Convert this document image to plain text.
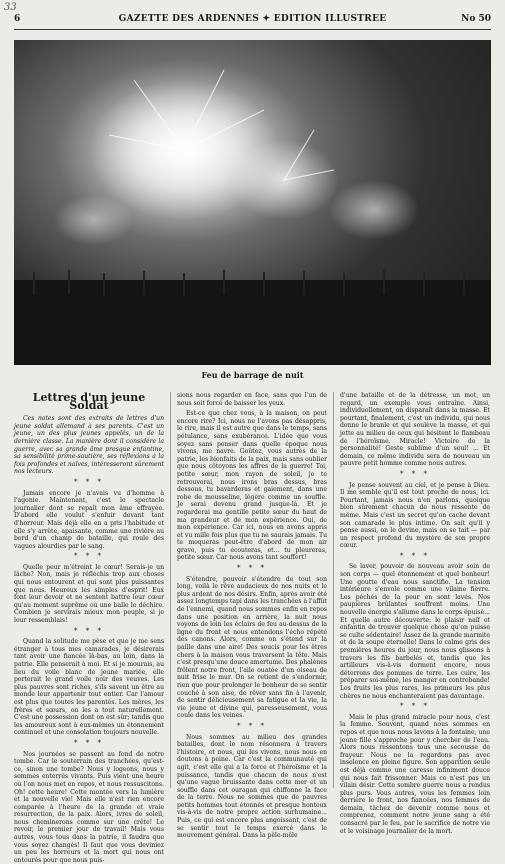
33
6	GAZETTE DES ARDENNES ✦ EDITION ILLUSTREE	No 50
Feu de barrage de nuit
Lettres d'un jeune Soldat

Ces notes sont des extraits de lettres d'un jeune soldat allemand à ses parents. C'est un jeune, un des plus jeunes appelés, un de la dernière classe. La manière dont il considère la guerre, avec sa grande âme presque enfantine, sa sensibilité prime-sautière, ses réflexions à la fois profondes et naïves, intéresseront sûrement nos lecteurs.

* * *

Jamais encore je n'avais vu d'homme à l'agonie. Maintenant, c'est le spectacle journalier dont se repaît mon âme effrayée. D'abord elle voulut s'enfuir devant tant d'horreur. Mais déjà elle en a pris l'habitude et elle s'y arrête, apaisante, comme une rivière au bord d'un champ de bataille, qui roule des vagues alourdies par le sang.

* * *

Quelle peur m'étreint le cœur! Serais-je un lâche? Non, mais je réfléchis trop aux choses qui nous entourent et qui sont plus puissantes que nous. Heureux les simples d'esprit! Eux font leur devoir et ne sentent battre leur cœur qu'au moment suprême où une balle le déchire. Combien je servirais mieux mon peuple, si je leur ressemblais!

* * *

Quand la solitude me pèse et que je me sens étranger à tous mes camarades, je désirerais tant avoir une fiancée là-bas, au loin, dans la patrie. Elle penserait à moi. Et si je mourais, au lieu du voile blanc de jeune mariée, elle porterait le grand voile noir des veuves. Les plus pauvres sont riches, s'ils savent un être au monde leur appartenir tout entier. Car l'amour est plus que toutes les parentés. Les mères, les frères et sœurs, on les a tout naturellement. C'est une possession dont on est sûr; tandis que les amoureux sont à eux-mêmes un étonnement continuel et une consolation toujours nouvelle.

* * *

Nos journées se passent au fond de notre tombe. Car le souterrain des tranchées, qu'est-ce, sinon une tombe? Nous y logeons, nous y sommes enterrés vivants. Puis vient une heure où l'on nous met en repos, et nous ressuscitons. Oh! cette heure! Cette montée vers la lumière et la nouvelle vie! Mais elle n'est rien encore comparée à l'heure de la grande et vraie résurrection, de la paix. Alors, ivres de soleil, nous cheminerons comme sur une crête! Le revoir, le premier jour de travail! Mais vous autres, vous tous dans la patrie, il faudra que vous soyez changés! Il faut que vous deviniez un peu les horreurs et la mort qui nous ont entourés pour que nous puis-

sions nous regarder en face, sans que l'un de nous soit forcé de baisser les yeux.

Est-ce que chez vous, à la maison, on peut encore rire? Ici, nous ne l'avons pas désappris, le rire, mais il est autre que dans le temps, sans pétulance, sans exubérance. L'idée que vous soyez sans penser dans quelle époque nous vivons, me navre. Goûtez, vous autres de la patrie, les bienfaits de la paix, mais sans oublier que nous côtoyons les affres de la guerre! Toi, petite sœur, mon rayon de soleil, je te retrouverai, nous irons bras dessus, bras dessous, tu bavarderas et gaiement, dans une robe de mousseline, légère comme un souffle. Je serai devenu grand jusque-là. Et je regarderai ma gentille petite sœur du haut de ma grandeur et de mon expérience. Oui, de mon expérience. Car ici, nous en avons appris et vu mille fois plus que tu ne saurais jamais. Tu te moqueras peut-être d'abord de mon air grave, puis tu écouteras, et... tu pleureras, petite sœur. Car nous avons tant souffert!

* * *

S'étendre, pouvoir s'étendre de tout son long, voilà le rêve audacieux de nos nuits et le plus ardent de nos désirs. Enfin, après avoir été assez longtemps tapi dans les tranchées à l'affût de l'ennemi, quand nous sommes enfin en repos dans une position en arrière, la nuit nous voyons de loin les éclairs de feu au-dessus de la ligne du front et nous entendons l'écho répété des canons. Alors, comme on s'étend sur la paille dans une aire! Des soucis pour les êtres chers à la maison vous traversent la tête. Mais c'est presqu'une douce amertume. Des phalènes frôlent notre front, l'aile ouatée d'un oiseau de nuit frise le mur. On se retient de s'endormir, rien que pour prolonger le bonheur de se sentir couché à son aise, de rêver sans fin à l'avenir, de sentir délicieusement sa fatigue et la vie, la vie jeune et divine qui, paresseusement, vous coule dans les veines.

* * *

Nous sommes au milieu des grandes batailles, dont le nom résonnera à travers l'histoire, et nous, qui les vivons, nous nous en doutons à peine. Car c'est la communauté qui agit, c'est elle qui a la force et l'héroïsme et la puissance, tandis que chacun de nous n'est qu'une vague bruissante dans cette mer et un souffle dans cet ouragan qui chiffonne la face de la terre. Nous ne sommes que de pauvres petits hommes tout étonnés et presque honteux vis-à-vis de notre propre action surhumaine... Puis, ce qui est encore plus angoissant, c'est de se sentir tout le temps exercé dans le mouvement général. Dans la pêle-mêle

d'une bataille et de la détresse, un mot, un regard, un exemple vous entraîne. Ainsi, individuellement, on disparaît dans la masse. Et pourtant, finalement, c'est un individu, qui nous donne le branle et qui soulève la masse, et qui jette au milieu de ceux qui hésitent le flambeau de l'héroïsme. Miracle! Victoire de la personnalité! Geste sublime d'un seul! ... Et demain, ce même individu sera de nouveau un pauvre petit homme comme nous autres.

* * *

Je pense souvent au ciel, et je pense à Dieu. Il me semble qu'il est tout proche de nous, ici. Pourtant, jamais nous n'en parlons, quoique bien sûrement chacun de nous ressente de même. Mais c'est un secret qu'on cache devant son camarade le plus intime. On sait qu'il y pense aussi, on le devine, mais on se tait — par un respect profond du mystère de son propre cœur.

* * *

Se laver, pouvoir de nouveau avoir soin de son corps — quel étonnement et quel bonheur! Une goutte d'eau nous sanctifie. La tension intérieure s'envole comme une vilaine fièvre. Les péchés de la peur en sont lavés. Nos paupières brûlantes souffrent moins. Une nouvelle énergie s'allume dans le corps épuisé... Et quelle autre découverte: le plaisir naïf et enfantin de trouver quelque chose qu'on puisse se culte sédentaire! Assez de la grande marmite et de la soupe éternelle! Dans le calme gris des premières heures du jour, nous nous glissons à travers les fils barbelés et, tandis que les artilleurs vis-à-vis dorment encore, nous déterrons des pommes de terre. Les cuire, les préparer soi-même, les manger en contrebande! Les fruits les plus rares, les primeurs les plus chères ne nous enchanteraient pas davantage.

* * *

Mais le plus grand miracle pour nous, c'est la femme. Souvent, quand nous sommes en repos et que nous nous lavons à la fontaine, une jeune fille s'approche pour y chercher de l'eau. Alors nous ressentons tous une secousse de frayeur. Nous ne la regardons pas avec insolence en pleine figure. Son apparition seule est déjà comme une caresse infiniment douce qui nous fait frissonner. Mais ce n'est pas un vilain désir. Cette sombre guerre nous a rendus plus purs. Vous autres, vous les femmes loin derrière le front, nos fiancées, nos femmes de demain, tâchez de devenir comme nous et comprenez, comment notre jeune sang a été consacré par le feu, par le sacrifice de notre vie et le voisinage journalier de la mort.
